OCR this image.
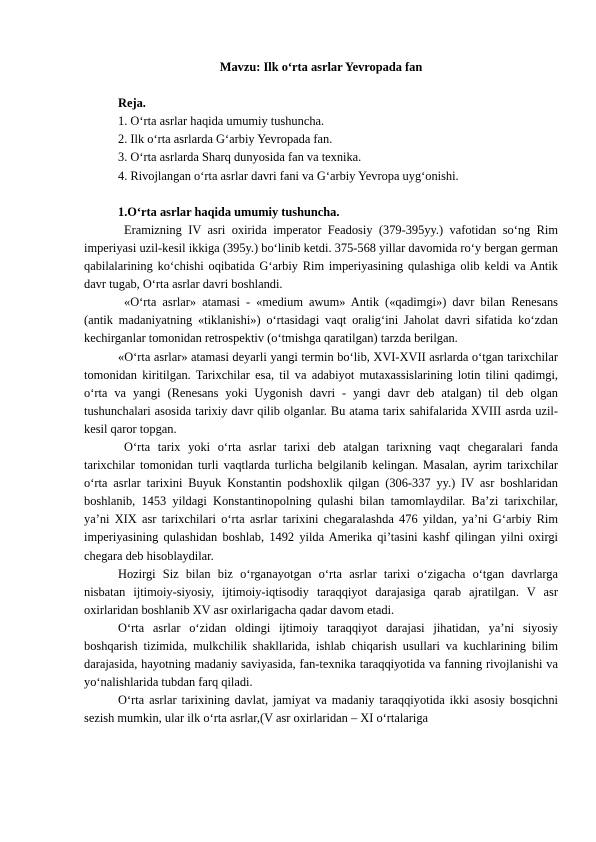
Mavzu: Ilk o‘rta asrlar Yevropada fan

Reja.

1. O‘rta asrlar haqida umumiy tushuncha.
2. Ilk o‘rta asrlarda G‘arbiy Yevropada fan.
3. O‘rta asrlarda Sharq dunyosida fan va texnika.
4. Rivojlangan o‘rta asrlar davri fani va G‘arbiy Yevropa uyg‘onishi.

1.O‘rta asrlar haqida umumiy tushuncha.

Eramizning IV asri oxirida imperator Feadosiy (379-395yy.) vafotidan so‘ng Rim imperiyasi uzil-kesil ikkiga (395y.) bo‘linib ketdi. 375-568 yillar davomida ro‘y bergan german qabilalarining ko‘chishi oqibatida G‘arbiy Rim imperiyasining qulashiga olib keldi va Antik davr tugab, O‘rta asrlar davri boshlandi.

«O‘rta asrlar» atamasi - «medium awum» Antik («qadimgi») davr bilan Renesans (antik madaniyatning «tiklanishi») o‘rtasidagi vaqt oralig‘ini Jaholat davri sifatida ko‘zdan kechirganlar tomonidan retrospektiv (o‘tmishga qaratilgan) tarzda berilgan.

«O‘rta asrlar» atamasi deyarli yangi termin bo‘lib, XVI-XVII asrlarda o‘tgan tarixchilar tomonidan kiritilgan. Tarixchilar esa, til va adabiyot mutaxassislarining lotin tilini qadimgi, o‘rta va yangi (Renesans yoki Uygonish davri - yangi davr deb atalgan) til deb olgan tushunchalari asosida tarixiy davr qilib olganlar. Bu atama tarix sahifalarida XVIII asrda uzil- kesil qaror topgan.

O‘rta tarix yoki o‘rta asrlar tarixi deb atalgan tarixning vaqt chegaralari fanda tarixchilar tomonidan turli vaqtlarda turlicha belgilanib kelingan. Masalan, ayrim tarixchilar o‘rta asrlar tarixini Buyuk Konstantin podshoxlik qilgan (306-337 yy.) IV asr boshlaridan boshlanib, 1453 yildagi Konstantinopolning qulashi bilan tamomlaydilar. Ba’zi tarixchilar, ya’ni XIX asr tarixchilari o‘rta asrlar tarixini chegaralashda 476 yildan, ya’ni G‘arbiy Rim imperiyasining qulashidan boshlab, 1492 yilda Amerika qi’tasini kashf qilingan yilni oxirgi chegara deb hisoblaydilar.

Hozirgi Siz bilan biz o‘rganayotgan o‘rta asrlar tarixi o‘zigacha o‘tgan davrlarga nisbatan ijtimoiy-siyosiy, ijtimoiy-iqtisodiy taraqqiyot darajasiga qarab ajratilgan. V asr oxirlaridan boshlanib XV asr oxirlarigacha qadar davom etadi.

O‘rta asrlar o‘zidan oldingi ijtimoiy taraqqiyot darajasi jihatidan, ya’ni siyosiy boshqarish tizimida, mulkchilik shakllarida, ishlab chiqarish usullari va kuchlarining bilim darajasida, hayotning madaniy saviyasida, fan-texnika taraqqiyotida va fanning rivojlanishi va yo‘nalishlarida tubdan farq qiladi.

O‘rta asrlar tarixining davlat, jamiyat va madaniy taraqqiyotida ikki asosiy bosqichni sezish mumkin, ular ilk o‘rta asrlar,(V asr oxirlaridan – XI o‘rtalariga
